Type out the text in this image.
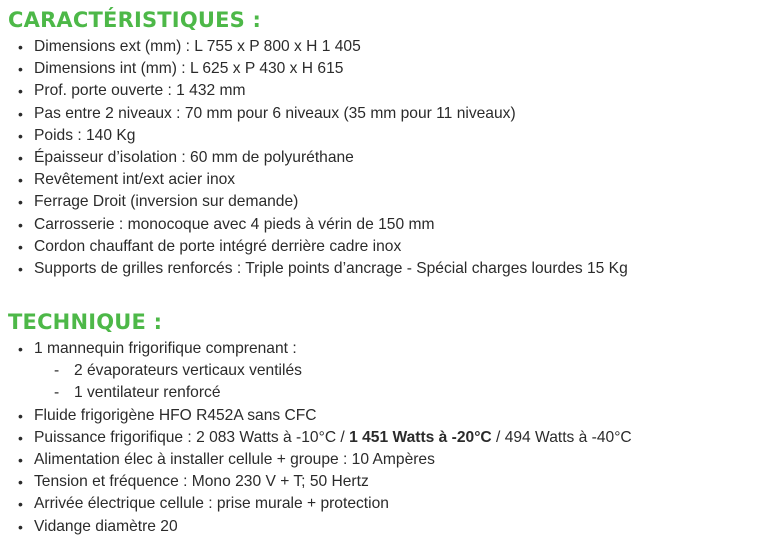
CARACTÉRISTIQUES :
• Dimensions ext (mm) : L 755 x P 800 x H 1 405
• Dimensions int (mm) : L 625 x P 430 x H 615
• Prof. porte ouverte : 1 432 mm
• Pas entre 2 niveaux : 70 mm pour 6 niveaux (35 mm pour 11 niveaux)
• Poids : 140 Kg
• Épaisseur d’isolation : 60 mm de polyuréthane
• Revêtement int/ext acier inox
• Ferrage Droit (inversion sur demande)
• Carrosserie : monocoque avec 4 pieds à vérin de 150 mm
• Cordon chauffant de porte intégré derrière cadre inox
• Supports de grilles renforcés : Triple points d’ancrage - Spécial charges lourdes 15 Kg
TECHNIQUE :
• 1 mannequin frigorifique comprenant :
- 2 évaporateurs verticaux ventilés
- 1 ventilateur renforcé
• Fluide frigorigène HFO R452A sans CFC
• Puissance frigorifique : 2 083 Watts à -10°C / 1 451 Watts à -20°C / 494 Watts à -40°C
• Alimentation élec à installer cellule + groupe : 10 Ampères
• Tension et fréquence : Mono 230 V + T; 50 Hertz
• Arrivée électrique cellule : prise murale + protection
• Vidange diamètre 20
